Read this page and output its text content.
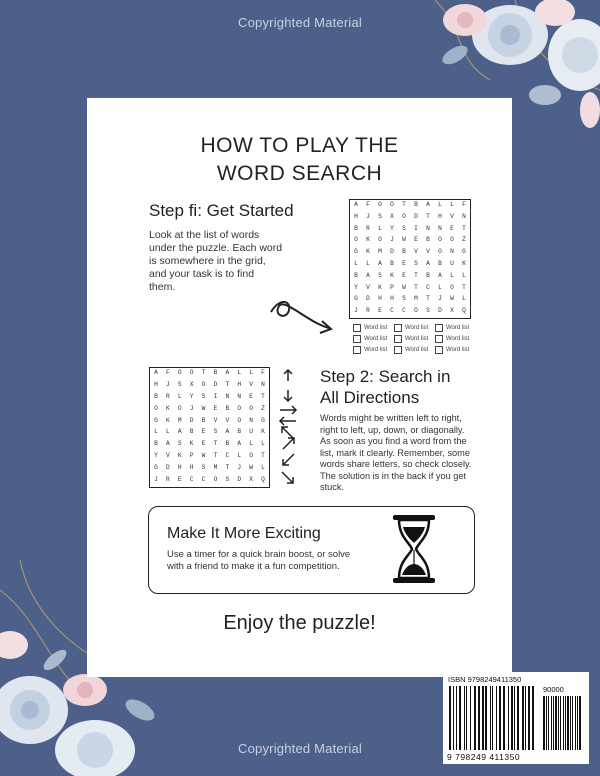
Copyrighted Material
HOW TO PLAY THE
WORD SEARCH
Step fi: Get Started
Look at the list of words
under the puzzle. Each word
is somewhere in the grid,
and your task is to find
them.
A	F	O	O	T	B	A	L	L	F
H	J	S	X	O	D	T	H	V	N
B	R	L	Y	S	I	N	N	E	T
O	K	O	J	W	E	B	O	O	Z
G	K	M	D	B	V	V	O	N	G
L	L	A	B	E	S	A	B	U	K
B	A	S	K	E	T	B	A	L	L
Y	V	K	P	W	T	C	L	O	T
G	D	H	H	S	M	T	J	W	L
J	R	E	C	C	O	S	D	X	Q
Word list	Word list	Word list
Word list	Word list	Word list
Word list	Word list	Word list
A	F	O	O	T	B	A	L	L	F
H	J	S	X	O	D	T	H	V	N
B	R	L	Y	S	I	N	N	E	T
O	K	O	J	W	E	B	O	O	Z
G	K	M	D	B	V	V	O	N	G
L	L	A	B	E	S	A	B	U	K
B	A	S	K	E	T	B	A	L	L
Y	V	K	P	W	T	C	L	O	T
G	D	H	H	S	M	T	J	W	L
J	R	E	C	C	O	S	D	X	Q
Step 2: Search in
All Directions
Words might be written left to right,
right to left, up, down, or diagonally.
As soon as you find a word from the
list, mark it clearly. Remember, some
words share letters, so check closely.
The solution is in the back if you get
stuck.
Make It More Exciting
Use a timer for a quick brain boost, or solve
with a friend to make it a fun competition.
Enjoy the puzzle!
ISBN 9798249411350
90000
9 798249 411350
Copyrighted Material
